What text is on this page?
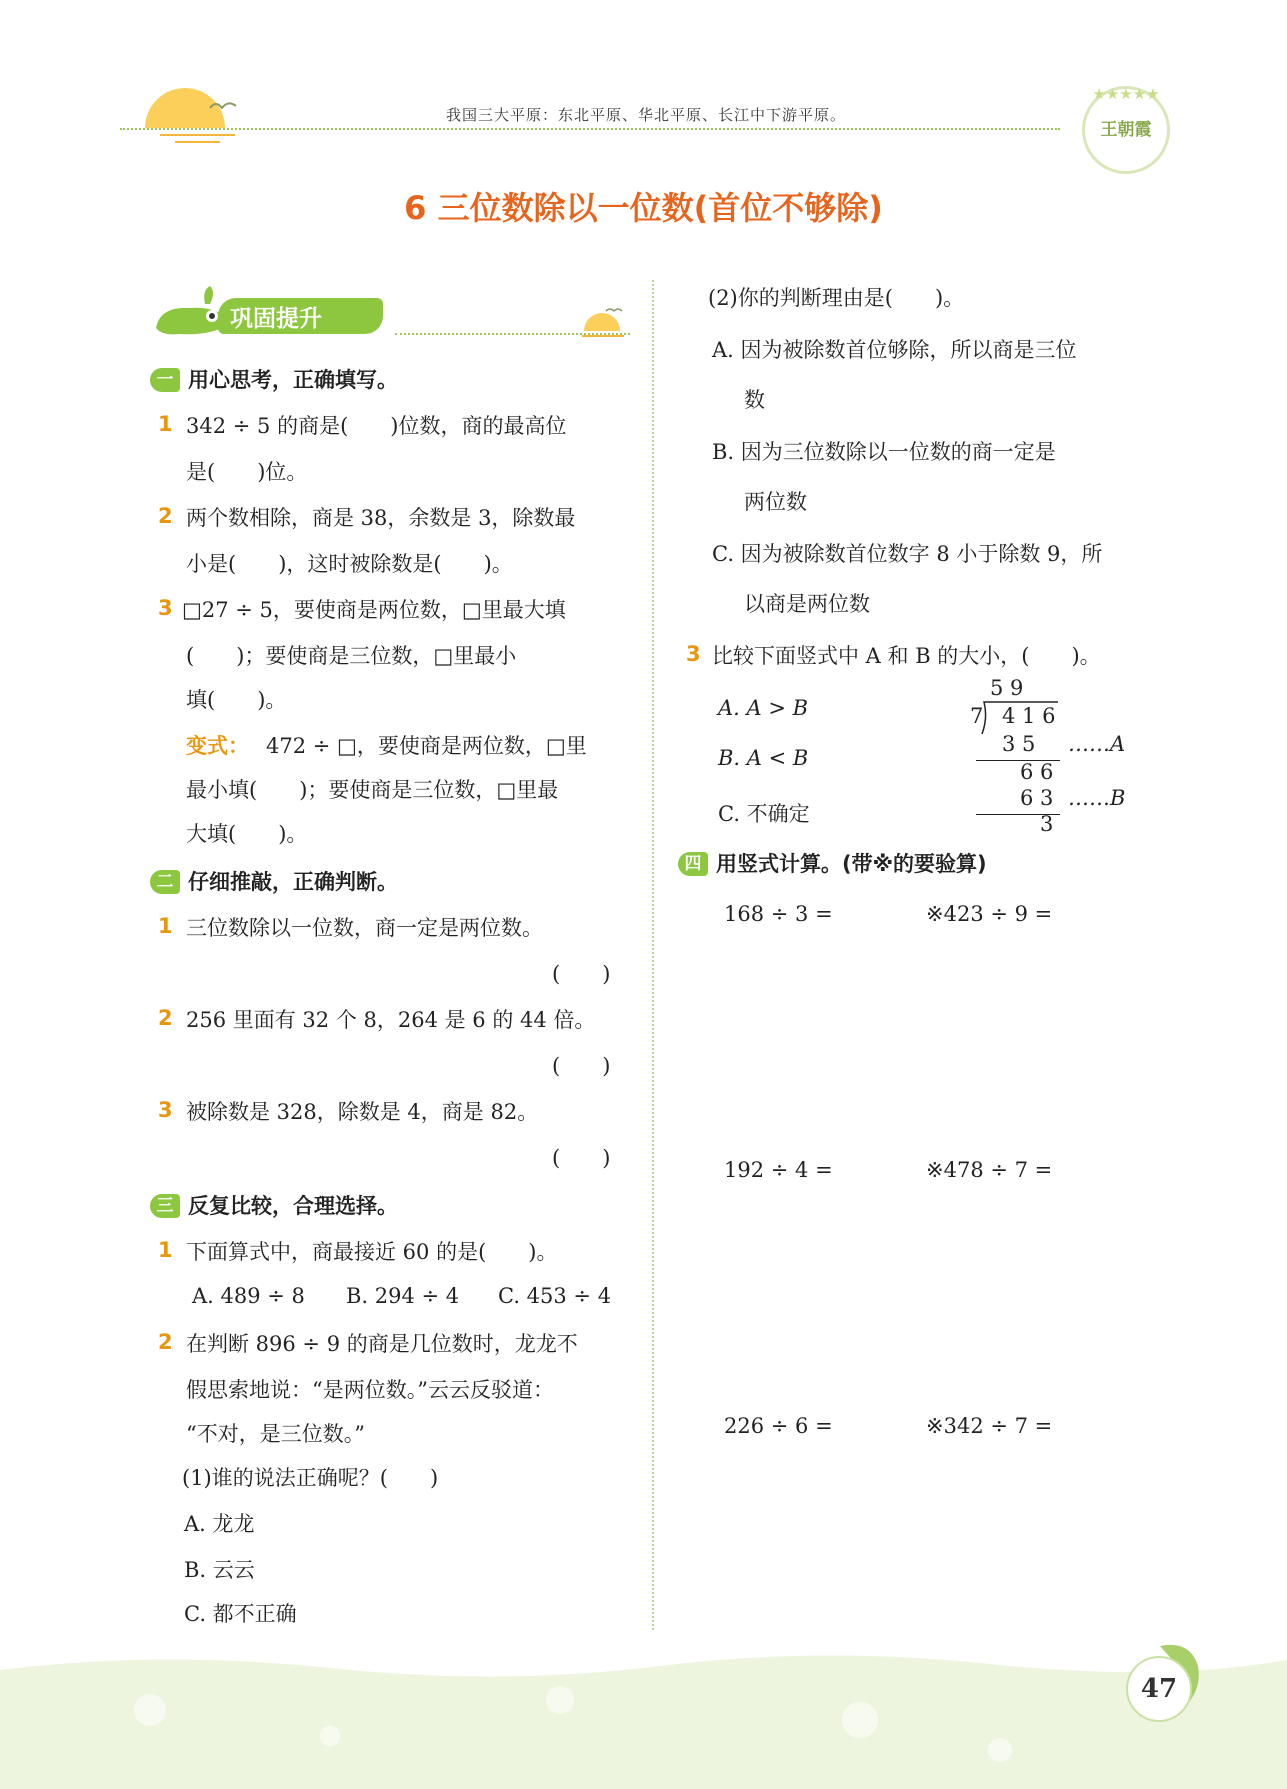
我国三大平原：东北平原、华北平原、长江中下游平原。
★★★★★
王朝霞
6 三位数除以一位数(首位不够除)
巩固提升
一 用心思考，正确填写。
1 342 ÷ 5 的商是(　　)位数，商的最高位
是(　　)位。
2 两个数相除，商是 38，余数是 3，除数最
小是(　　)，这时被除数是(　　)。
3 □27 ÷ 5，要使商是两位数，□里最大填
(　　)；要使商是三位数，□里最小
填(　　)。
变式： 472 ÷ □，要使商是两位数，□里
最小填(　　)；要使商是三位数，□里最
大填(　　)。
二 仔细推敲，正确判断。
1 三位数除以一位数，商一定是两位数。
(　　)
2 256 里面有 32 个 8，264 是 6 的 44 倍。
(　　)
3 被除数是 328，除数是 4，商是 82。
(　　)
三 反复比较，合理选择。
1 下面算式中，商最接近 60 的是(　　)。
A. 489 ÷ 8 B. 294 ÷ 4 C. 453 ÷ 4
2 在判断 896 ÷ 9 的商是几位数时，龙龙不
假思索地说：“是两位数。”云云反驳道：
“不对，是三位数。”
(1)谁的说法正确呢？(　　)
A. 龙龙
B. 云云
C. 都不正确
(2)你的判断理由是(　　)。
A. 因为被除数首位够除，所以商是三位
数
B. 因为三位数除以一位数的商一定是
两位数
C. 因为被除数首位数字 8 小于除数 9，所
以商是两位数
3 比较下面竖式中 A 和 B 的大小，(　　)。
A. A > B
B. A < B
C. 不确定
5 9
7 4 1 6
3 5 ……A
6 6
6 3 ……B
3
四 用竖式计算。(带※的要验算)
168 ÷ 3 =	※423 ÷ 9 =
192 ÷ 4 =	※478 ÷ 7 =
226 ÷ 6 =	※342 ÷ 7 =
47
